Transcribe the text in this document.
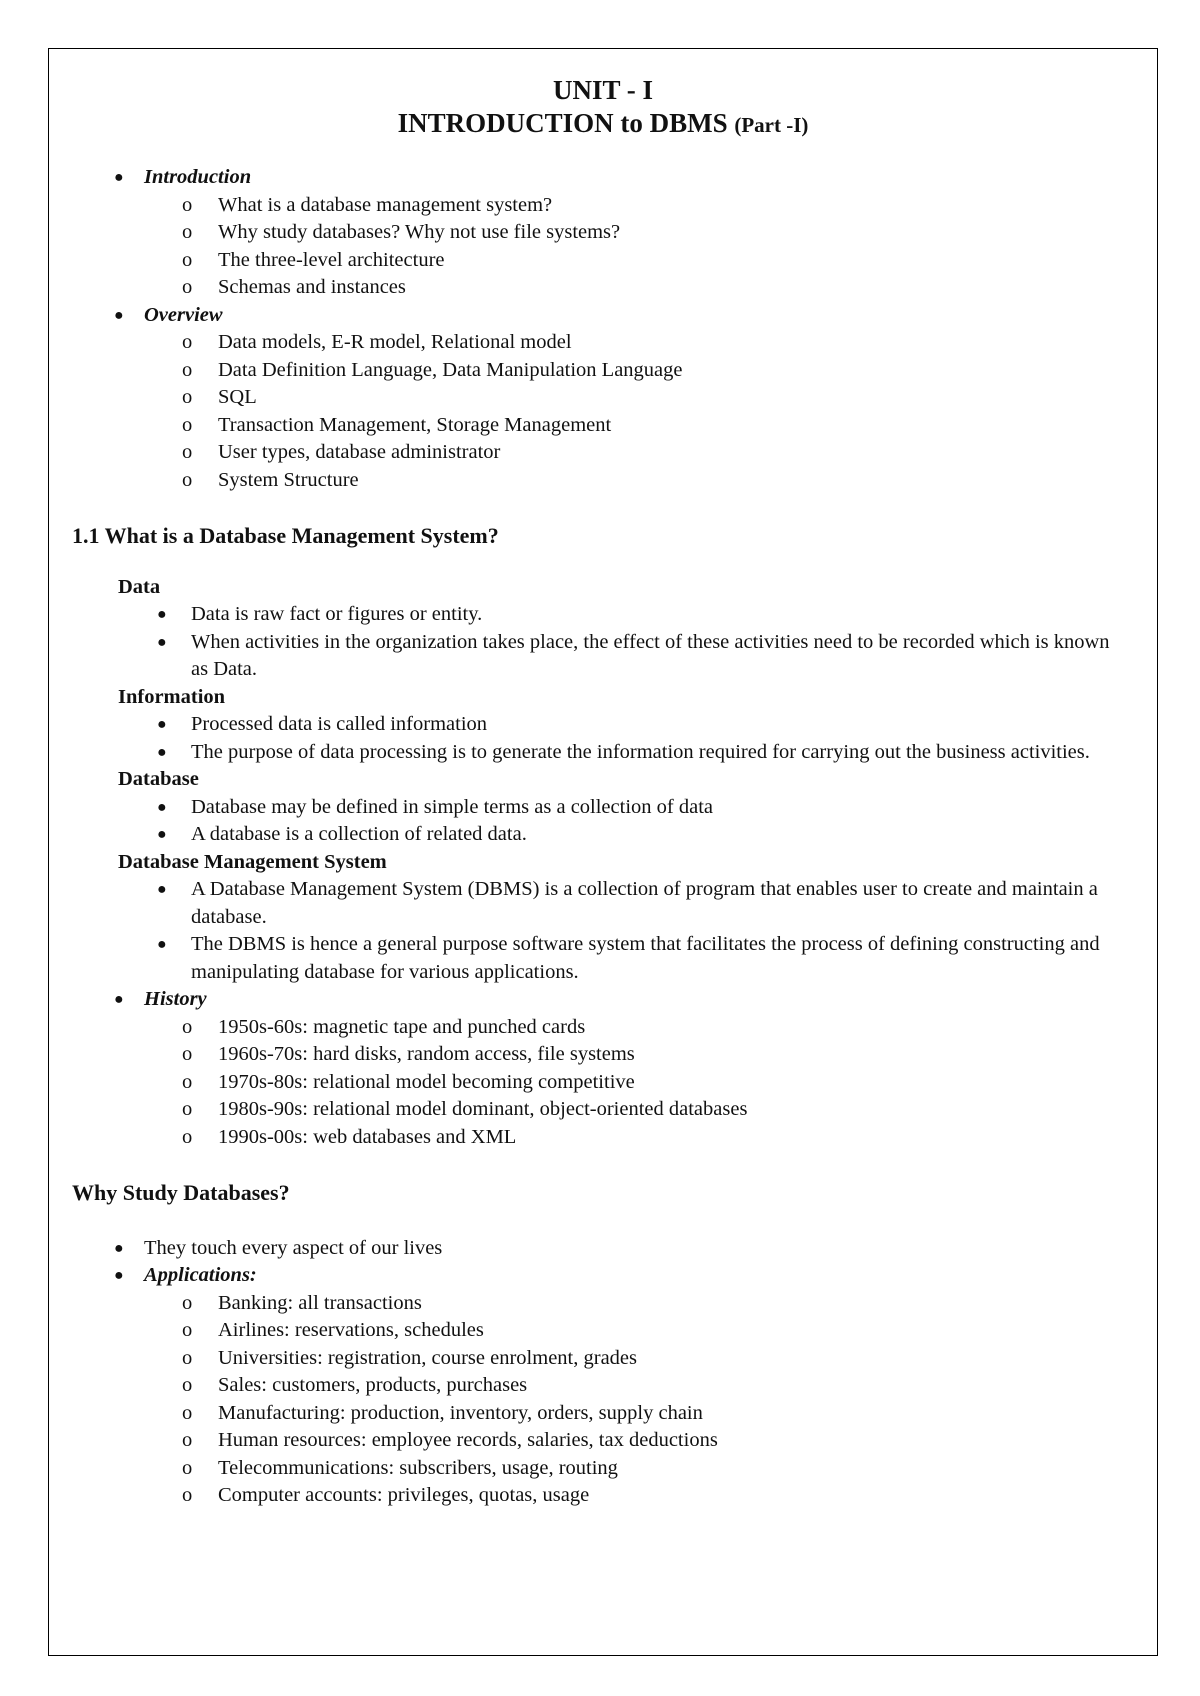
UNIT - I
INTRODUCTION to DBMS (Part -I)
● Introduction
o What is a database management system?
o Why study databases? Why not use file systems?
o The three-level architecture
o Schemas and instances
● Overview
o Data models, E-R model, Relational model
o Data Definition Language, Data Manipulation Language
o SQL
o Transaction Management, Storage Management
o User types, database administrator
o System Structure
1.1 What is a Database Management System?
Data
● Data is raw fact or figures or entity.
● When activities in the organization takes place, the effect of these activities need to be recorded which is known as Data.
Information
● Processed data is called information
● The purpose of data processing is to generate the information required for carrying out the business activities.
Database
● Database may be defined in simple terms as a collection of data
● A database is a collection of related data.
Database Management System
● A Database Management System (DBMS) is a collection of program that enables user to create and maintain a database.
● The DBMS is hence a general purpose software system that facilitates the process of defining constructing and manipulating database for various applications.
● History
o 1950s-60s: magnetic tape and punched cards
o 1960s-70s: hard disks, random access, file systems
o 1970s-80s: relational model becoming competitive
o 1980s-90s: relational model dominant, object-oriented databases
o 1990s-00s: web databases and XML
Why Study Databases?
● They touch every aspect of our lives
● Applications:
o Banking: all transactions
o Airlines: reservations, schedules
o Universities: registration, course enrolment, grades
o Sales: customers, products, purchases
o Manufacturing: production, inventory, orders, supply chain
o Human resources: employee records, salaries, tax deductions
o Telecommunications: subscribers, usage, routing
o Computer accounts: privileges, quotas, usage
